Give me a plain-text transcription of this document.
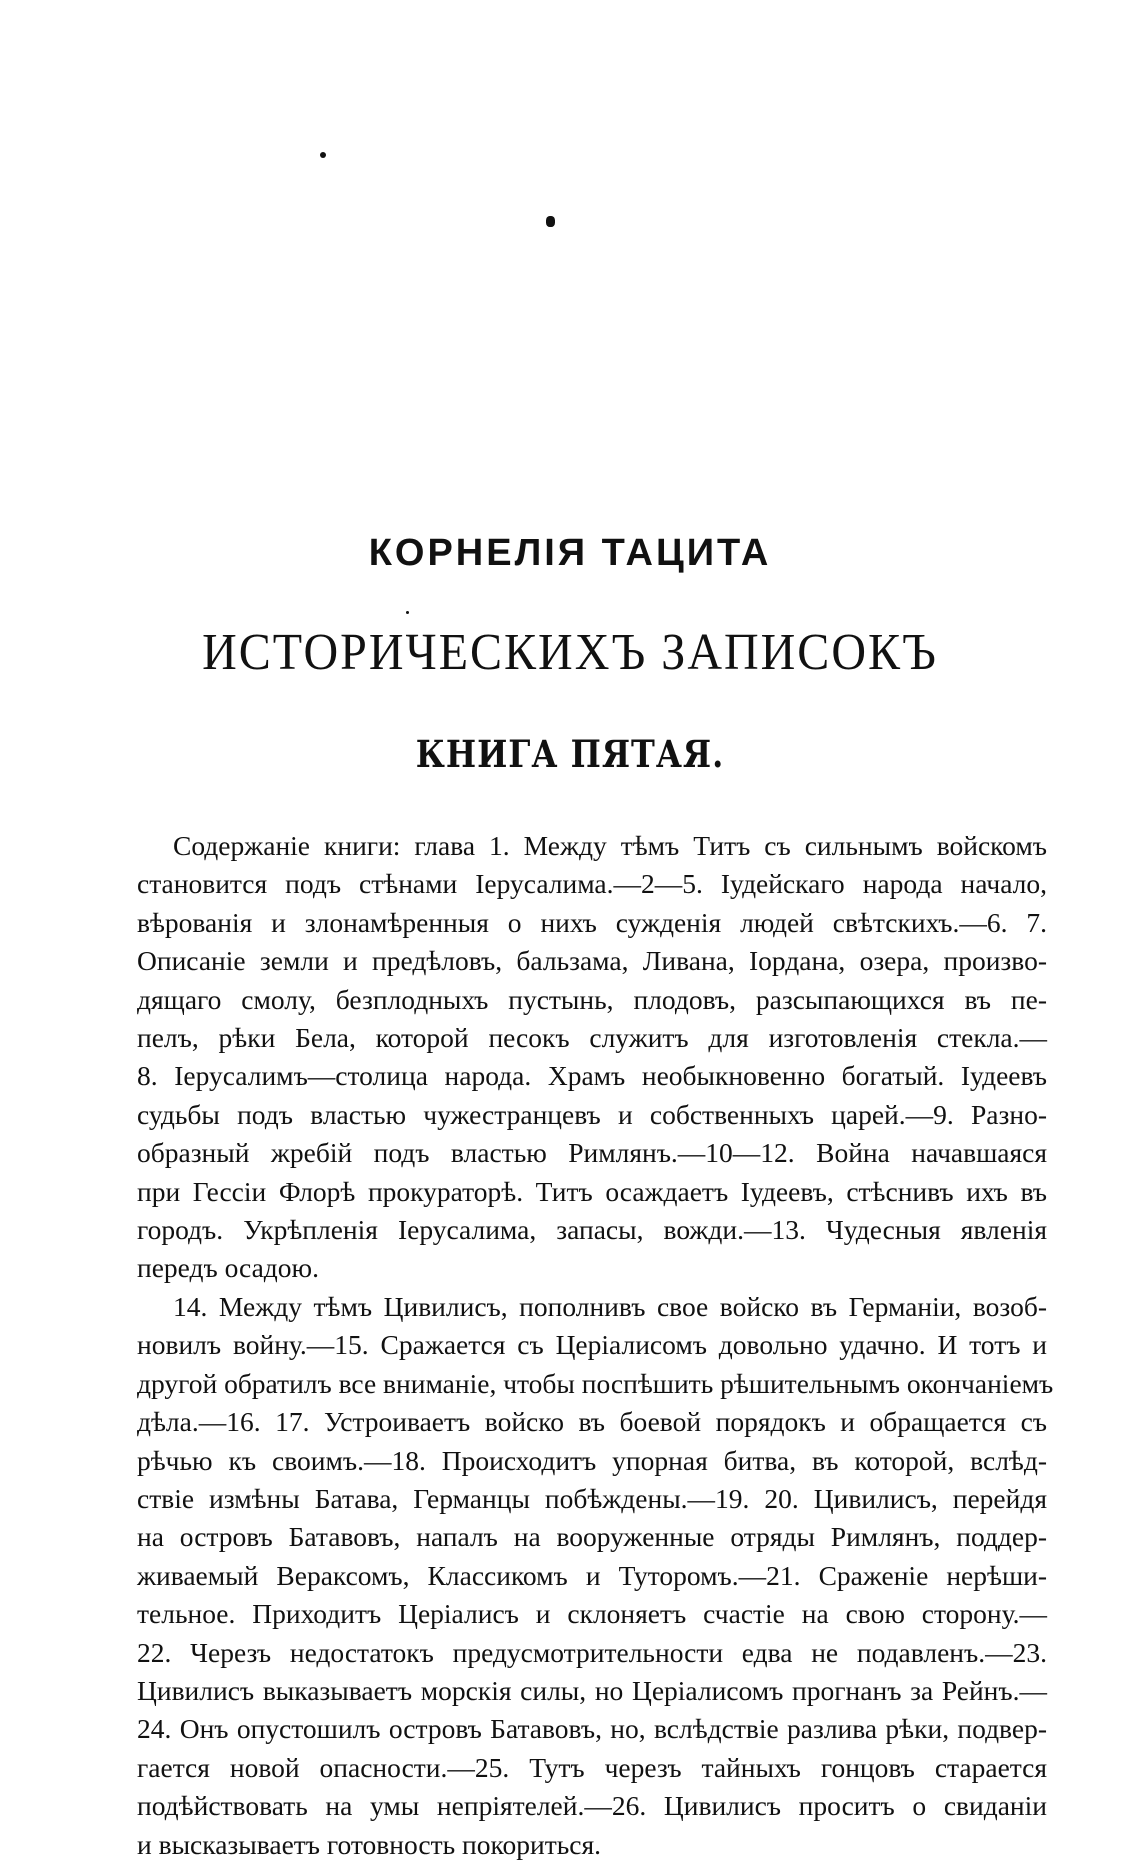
КОРНЕЛІЯ ТАЦИТА
ИСТОРИЧЕСКИХЪ ЗАПИСОКЪ
КНИГА ПЯТАЯ.
Содержаніе книги: глава 1. Между тѣмъ Титъ съ сильнымъ войскомъ
становится подъ стѣнами Іерусалима.—2—5. Іудейскаго народа начало,
вѣрованія и злонамѣренныя о нихъ сужденія людей свѣтскихъ.—6. 7.
Описаніе земли и предѣловъ, бальзама, Ливана, Іордана, озера, произво-
дящаго смолу, безплодныхъ пустынь, плодовъ, разсыпающихся въ пе-
пелъ, рѣки Бела, которой песокъ служитъ для изготовленія стекла.—
8. Іерусалимъ—столица народа. Храмъ необыкновенно богатый. Іудеевъ
судьбы подъ властью чужестранцевъ и собственныхъ царей.—9. Разно-
образный жребій подъ властью Римлянъ.—10—12. Война начавшаяся
при Гессіи Флорѣ прокураторѣ. Титъ осаждаетъ Іудеевъ, стѣснивъ ихъ въ
городъ. Укрѣпленія Іерусалима, запасы, вожди.—13. Чудесныя явленія
передъ осадою.
14. Между тѣмъ Цивилисъ, пополнивъ свое войско въ Германіи, возоб-
новилъ войну.—15. Сражается съ Церіалисомъ довольно удачно. И тотъ и
другой обратилъ все вниманіе, чтобы поспѣшить рѣшительнымъ окончаніемъ
дѣла.—16. 17. Устроиваетъ войско въ боевой порядокъ и обращается съ
рѣчью къ своимъ.—18. Происходитъ упорная битва, въ которой, вслѣд-
ствіе измѣны Батава, Германцы побѣждены.—19. 20. Цивилисъ, перейдя
на островъ Батавовъ, напалъ на вооруженные отряды Римлянъ, поддер-
живаемый Вераксомъ, Классикомъ и Туторомъ.—21. Сраженіе нерѣши-
тельное. Приходитъ Церіалисъ и склоняетъ счастіе на свою сторону.—
22. Черезъ недостатокъ предусмотрительности едва не подавленъ.—23.
Цивилисъ выказываетъ морскія силы, но Церіалисомъ прогнанъ за Рейнъ.—
24. Онъ опустошилъ островъ Батавовъ, но, вслѣдствіе разлива рѣки, подвер-
гается новой опасности.—25. Тутъ черезъ тайныхъ гонцовъ старается
подѣйствовать на умы непріятелей.—26. Цивилисъ проситъ о свиданіи
и высказываетъ готовность покориться.
